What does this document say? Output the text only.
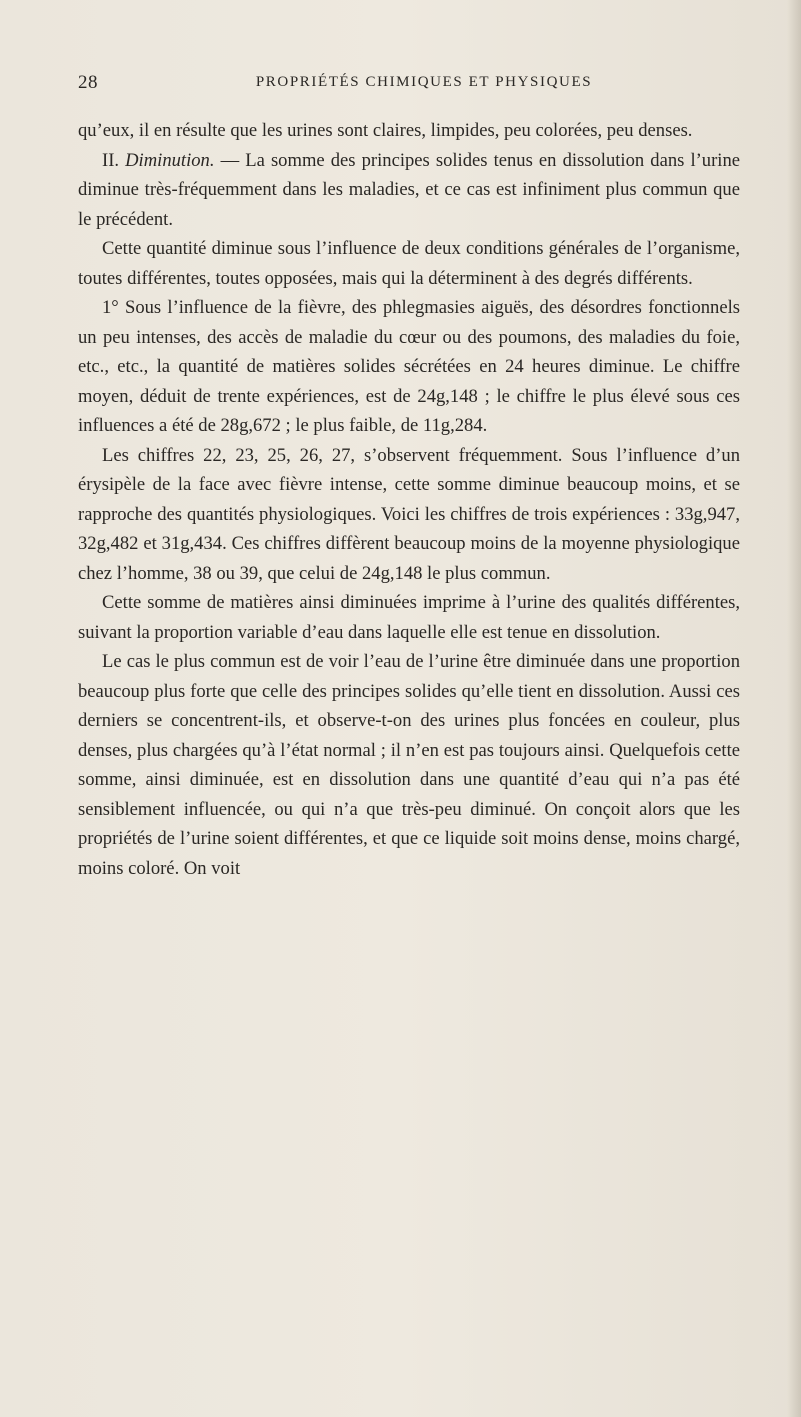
28	PROPRIÉTÉS CHIMIQUES ET PHYSIQUES

qu’eux, il en résulte que les urines sont claires, limpides, peu colorées, peu denses.

II. Diminution. — La somme des principes solides tenus en dissolution dans l’urine diminue très-fréquemment dans les maladies, et ce cas est infiniment plus commun que le précédent.

Cette quantité diminue sous l’influence de deux conditions générales de l’organisme, toutes différentes, toutes opposées, mais qui la déterminent à des degrés différents.

1° Sous l’influence de la fièvre, des phlegmasies aiguës, des désordres fonctionnels un peu intenses, des accès de maladie du cœur ou des poumons, des maladies du foie, etc., etc., la quantité de matières solides sécrétées en 24 heures diminue. Le chiffre moyen, déduit de trente expériences, est de 24g,148 ; le chiffre le plus élevé sous ces influences a été de 28g,672 ; le plus faible, de 11g,284.

Les chiffres 22, 23, 25, 26, 27, s’observent fréquemment. Sous l’influence d’un érysipèle de la face avec fièvre intense, cette somme diminue beaucoup moins, et se rapproche des quantités physiologiques. Voici les chiffres de trois expériences : 33g,947, 32g,482 et 31g,434. Ces chiffres diffèrent beaucoup moins de la moyenne physiologique chez l’homme, 38 ou 39, que celui de 24g,148 le plus commun.

Cette somme de matières ainsi diminuées imprime à l’urine des qualités différentes, suivant la proportion variable d’eau dans laquelle elle est tenue en dissolution.

Le cas le plus commun est de voir l’eau de l’urine être diminuée dans une proportion beaucoup plus forte que celle des principes solides qu’elle tient en dissolution. Aussi ces derniers se concentrent-ils, et observe-t-on des urines plus foncées en couleur, plus denses, plus chargées qu’à l’état normal ; il n’en est pas toujours ainsi. Quelquefois cette somme, ainsi diminuée, est en dissolution dans une quantité d’eau qui n’a pas été sensiblement influencée, ou qui n’a que très-peu diminué. On conçoit alors que les propriétés de l’urine soient différentes, et que ce liquide soit moins dense, moins chargé, moins coloré. On voit
